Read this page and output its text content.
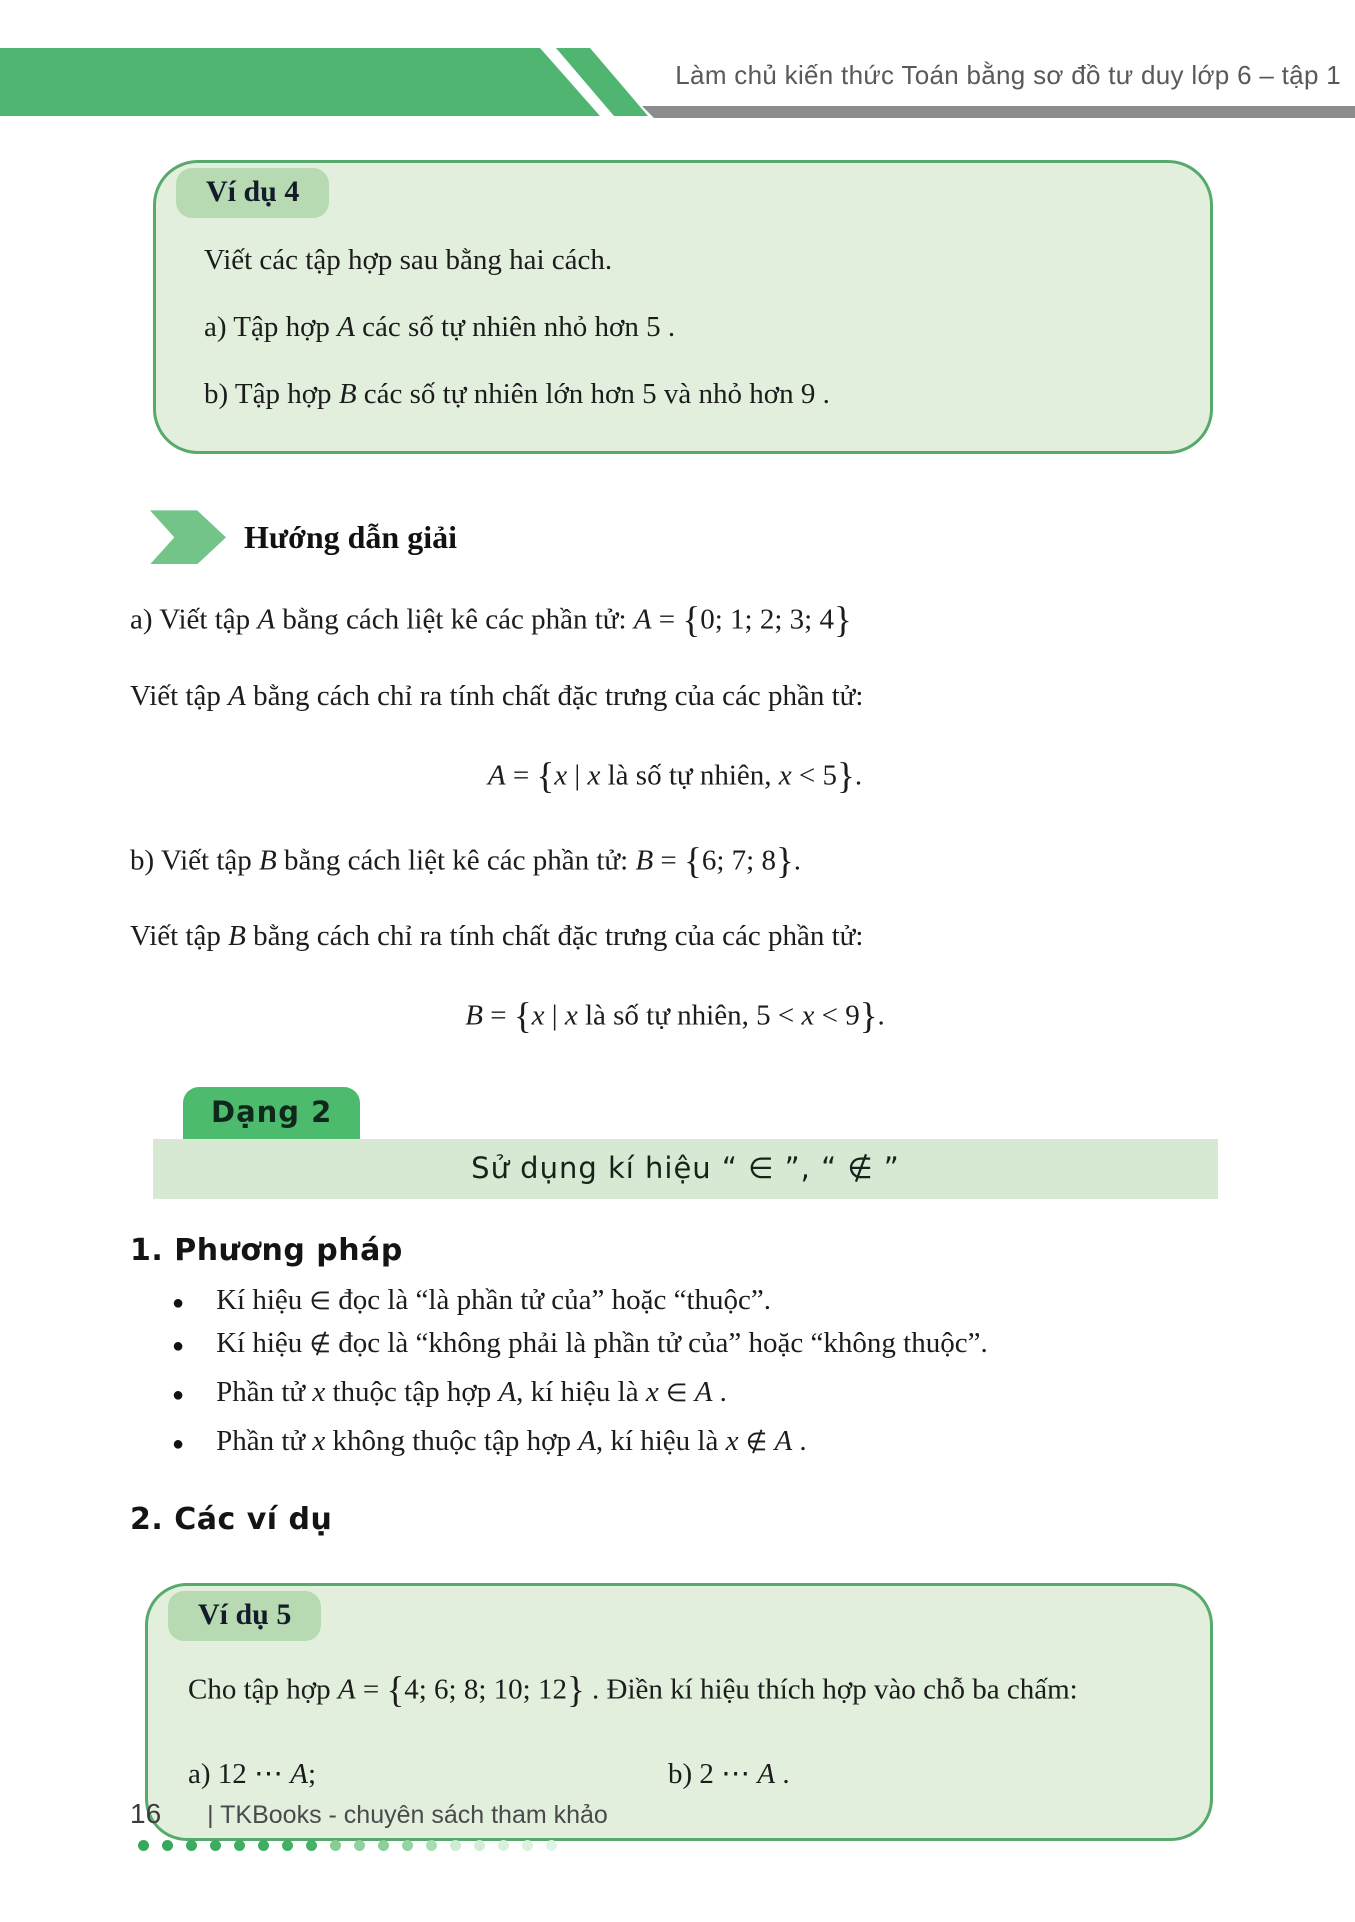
Làm chủ kiến thức Toán bằng sơ đồ tư duy lớp 6 – tập 1
Ví dụ 4
Viết các tập hợp sau bằng hai cách.
a) Tập hợp A các số tự nhiên nhỏ hơn 5 .
b) Tập hợp B các số tự nhiên lớn hơn 5 và nhỏ hơn 9 .
Hướng dẫn giải
a) Viết tập A bằng cách liệt kê các phần tử: A = {0; 1; 2; 3; 4}
Viết tập A bằng cách chỉ ra tính chất đặc trưng của các phần tử:
A = {x | x là số tự nhiên, x < 5}.
b) Viết tập B bằng cách liệt kê các phần tử: B = {6; 7; 8}.
Viết tập B bằng cách chỉ ra tính chất đặc trưng của các phần tử:
B = {x | x là số tự nhiên, 5 < x < 9}.
Dạng 2
Sử dụng kí hiệu “ ∈ ”, “ ∉ ”
1. Phương pháp
● Kí hiệu ∈ đọc là “là phần tử của” hoặc “thuộc”.
● Kí hiệu ∉ đọc là “không phải là phần tử của” hoặc “không thuộc”.
● Phần tử x thuộc tập hợp A, kí hiệu là x ∈ A .
● Phần tử x không thuộc tập hợp A, kí hiệu là x ∉ A .
2. Các ví dụ
Ví dụ 5
Cho tập hợp A = {4; 6; 8; 10; 12} . Điền kí hiệu thích hợp vào chỗ ba chấm:
a) 12 ⋯ A;	b) 2 ⋯ A .
16 | TKBooks - chuyên sách tham khảo
